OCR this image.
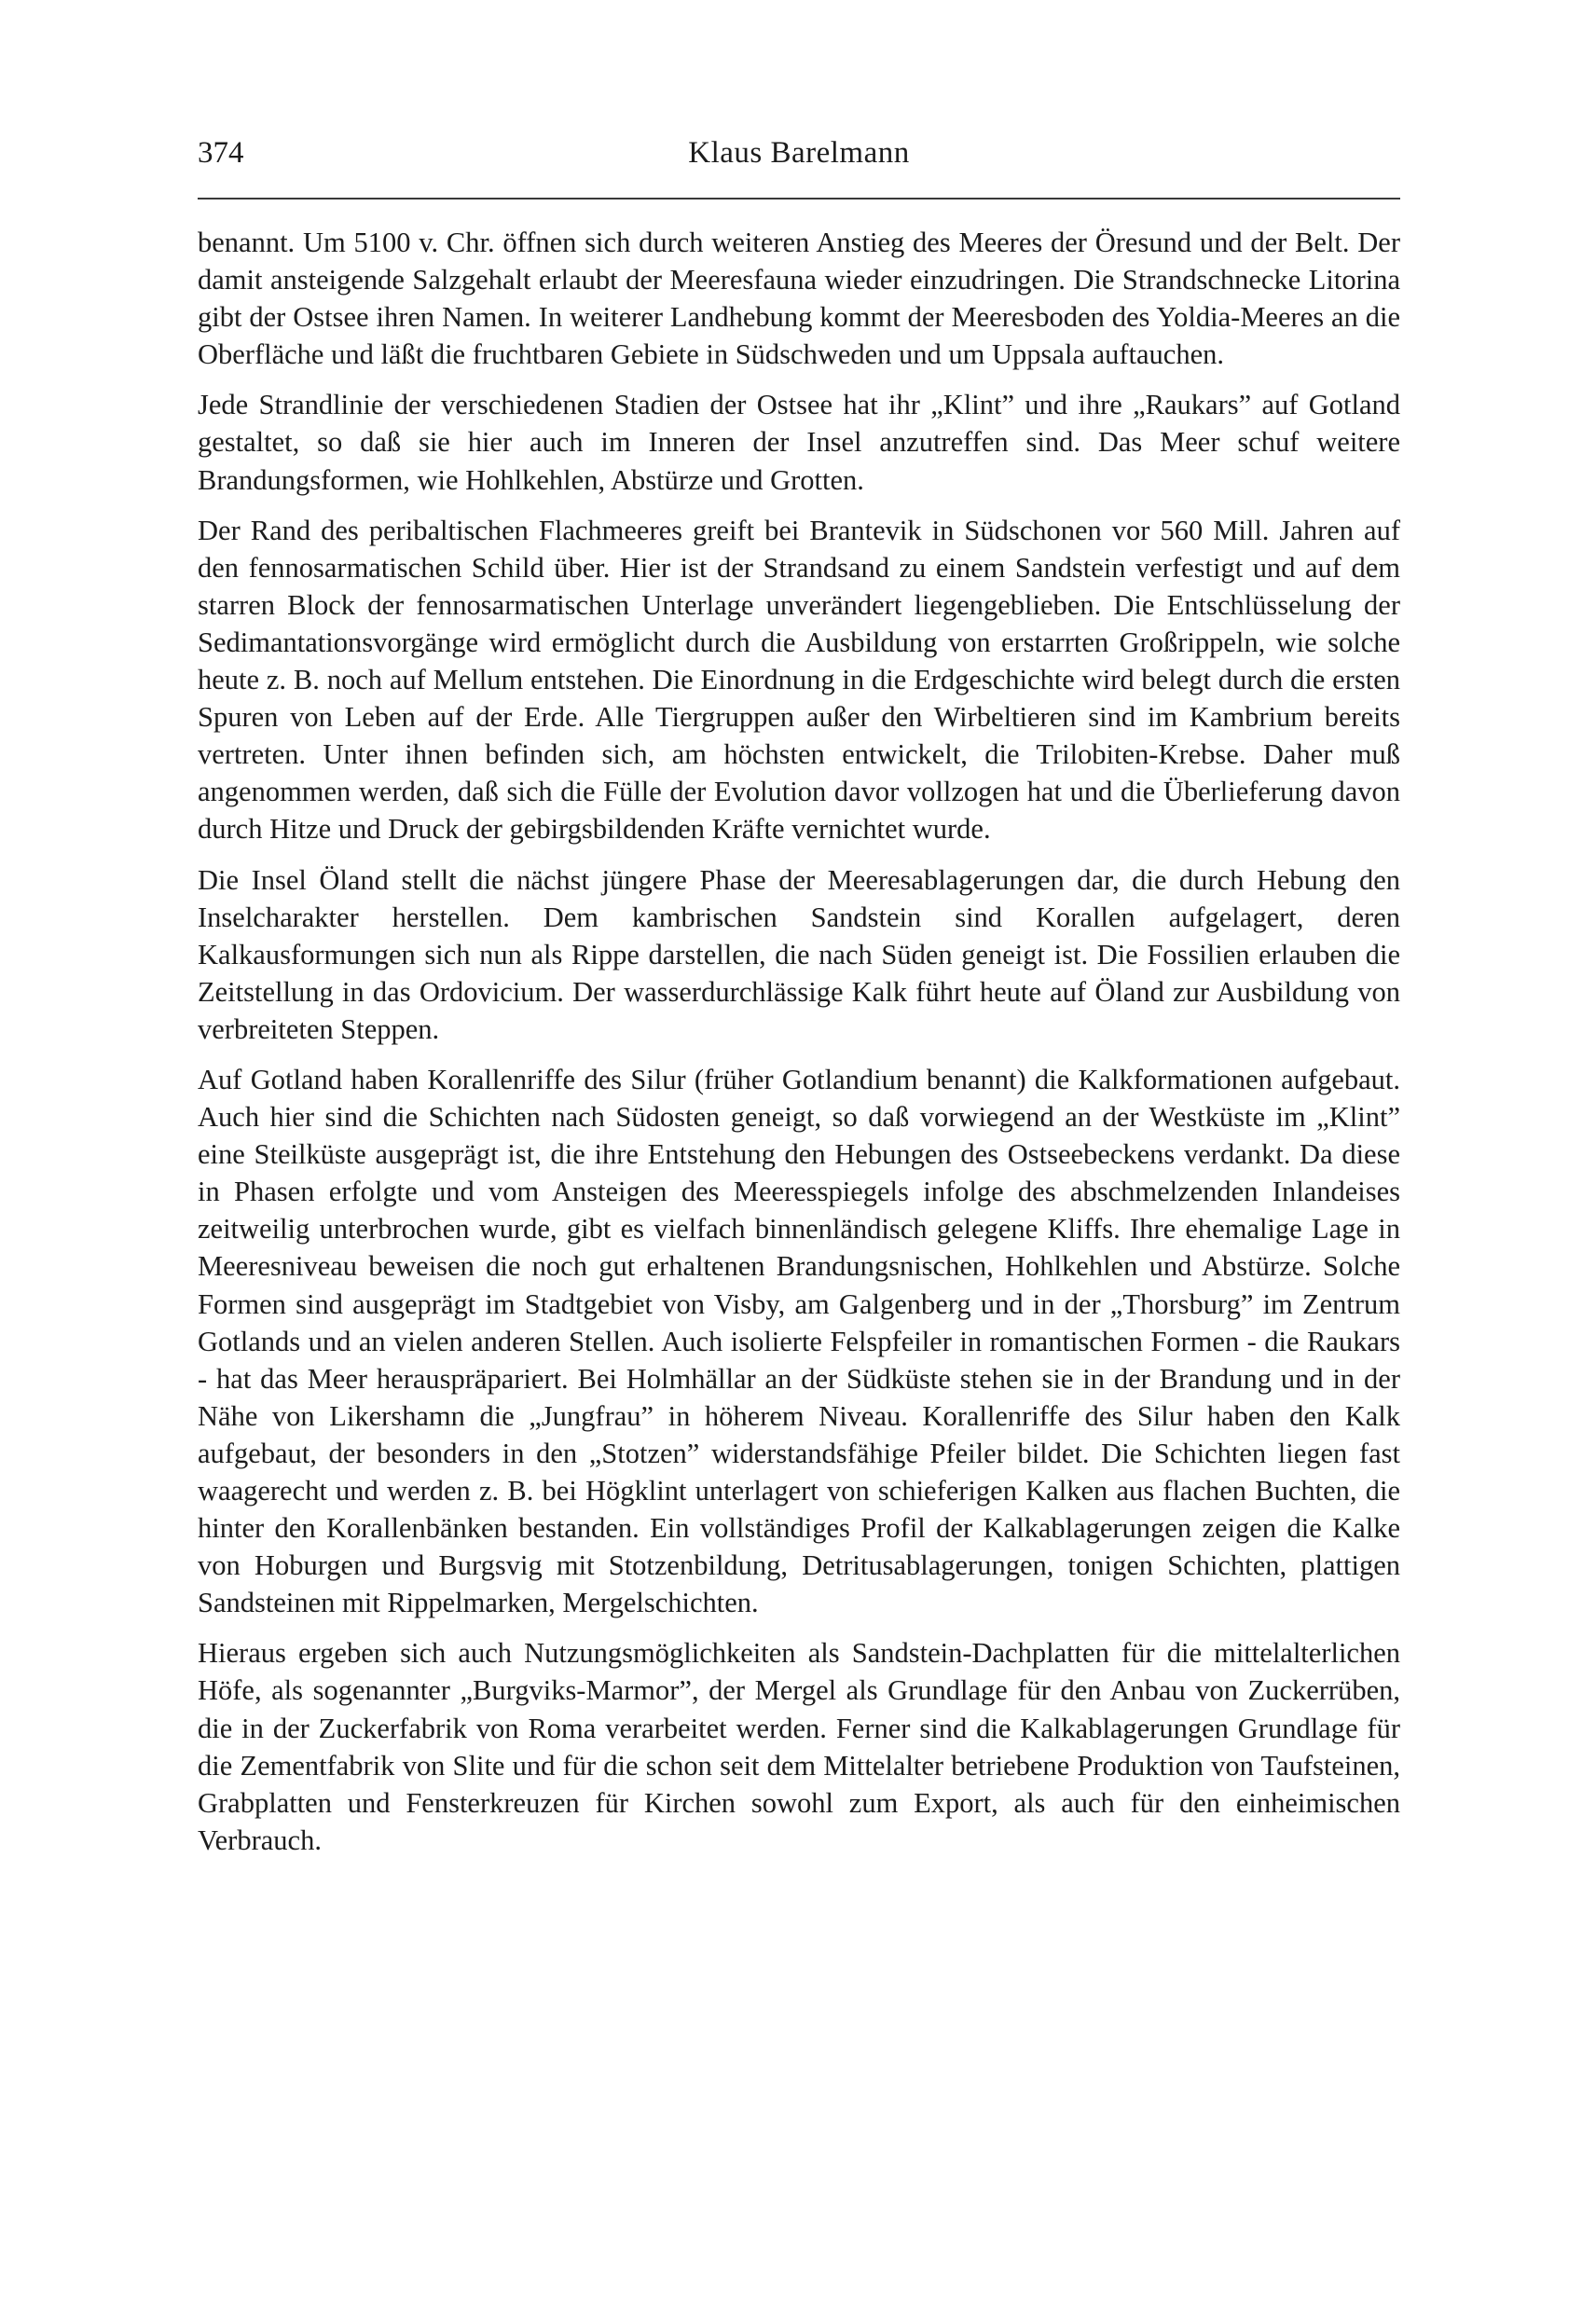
374	Klaus Barelmann

benannt. Um 5100 v. Chr. öffnen sich durch weiteren Anstieg des Meeres der Öresund und der Belt. Der damit ansteigende Salzgehalt erlaubt der Meeresfauna wieder einzudringen. Die Strandschnecke Litorina gibt der Ostsee ihren Namen. In weiterer Landhebung kommt der Meeresboden des Yoldia-Meeres an die Oberfläche und läßt die fruchtbaren Gebiete in Südschweden und um Uppsala auftauchen.

Jede Strandlinie der verschiedenen Stadien der Ostsee hat ihr „Klint” und ihre „Raukars” auf Gotland gestaltet, so daß sie hier auch im Inneren der Insel anzutreffen sind. Das Meer schuf weitere Brandungsformen, wie Hohlkehlen, Abstürze und Grotten.

Der Rand des peribaltischen Flachmeeres greift bei Brantevik in Südschonen vor 560 Mill. Jahren auf den fennosarmatischen Schild über. Hier ist der Strandsand zu einem Sandstein verfestigt und auf dem starren Block der fennosarmatischen Unterlage unverändert liegengeblieben. Die Entschlüsselung der Sedimantationsvorgänge wird ermöglicht durch die Ausbildung von erstarrten Großrippeln, wie solche heute z. B. noch auf Mellum entstehen. Die Einordnung in die Erdgeschichte wird belegt durch die ersten Spuren von Leben auf der Erde. Alle Tiergruppen außer den Wirbeltieren sind im Kambrium bereits vertreten. Unter ihnen befinden sich, am höchsten entwickelt, die Trilobiten-Krebse. Daher muß angenommen werden, daß sich die Fülle der Evolution davor vollzogen hat und die Überlieferung davon durch Hitze und Druck der gebirgsbildenden Kräfte vernichtet wurde.

Die Insel Öland stellt die nächst jüngere Phase der Meeresablagerungen dar, die durch Hebung den Inselcharakter herstellen. Dem kambrischen Sandstein sind Korallen aufgelagert, deren Kalkausformungen sich nun als Rippe darstellen, die nach Süden geneigt ist. Die Fossilien erlauben die Zeitstellung in das Ordovicium. Der wasserdurchlässige Kalk führt heute auf Öland zur Ausbildung von verbreiteten Steppen.

Auf Gotland haben Korallenriffe des Silur (früher Gotlandium benannt) die Kalkformationen aufgebaut. Auch hier sind die Schichten nach Südosten geneigt, so daß vorwiegend an der Westküste im „Klint” eine Steilküste ausgeprägt ist, die ihre Entstehung den Hebungen des Ostseebeckens verdankt. Da diese in Phasen erfolgte und vom Ansteigen des Meeresspiegels infolge des abschmelzenden Inlandeises zeitweilig unterbrochen wurde, gibt es vielfach binnenländisch gelegene Kliffs. Ihre ehemalige Lage in Meeresniveau beweisen die noch gut erhaltenen Brandungsnischen, Hohlkehlen und Abstürze. Solche Formen sind ausgeprägt im Stadtgebiet von Visby, am Galgenberg und in der „Thorsburg” im Zentrum Gotlands und an vielen anderen Stellen. Auch isolierte Felspfeiler in romantischen Formen - die Raukars - hat das Meer herauspräpariert. Bei Holmhällar an der Südküste stehen sie in der Brandung und in der Nähe von Likershamn die „Jungfrau” in höherem Niveau. Korallenriffe des Silur haben den Kalk aufgebaut, der besonders in den „Stotzen” widerstandsfähige Pfeiler bildet. Die Schichten liegen fast waagerecht und werden z. B. bei Högklint unterlagert von schieferigen Kalken aus flachen Buchten, die hinter den Korallenbänken bestanden. Ein vollständiges Profil der Kalkablagerungen zeigen die Kalke von Hoburgen und Burgsvig mit Stotzenbildung, Detritusablagerungen, tonigen Schichten, plattigen Sandsteinen mit Rippelmarken, Mergelschichten.

Hieraus ergeben sich auch Nutzungsmöglichkeiten als Sandstein-Dachplatten für die mittelalterlichen Höfe, als sogenannter „Burgviks-Marmor”, der Mergel als Grundlage für den Anbau von Zuckerrüben, die in der Zuckerfabrik von Roma verarbeitet werden. Ferner sind die Kalkablagerungen Grundlage für die Zementfabrik von Slite und für die schon seit dem Mittelalter betriebene Produktion von Taufsteinen, Grabplatten und Fensterkreuzen für Kirchen sowohl zum Export, als auch für den einheimischen Verbrauch.
